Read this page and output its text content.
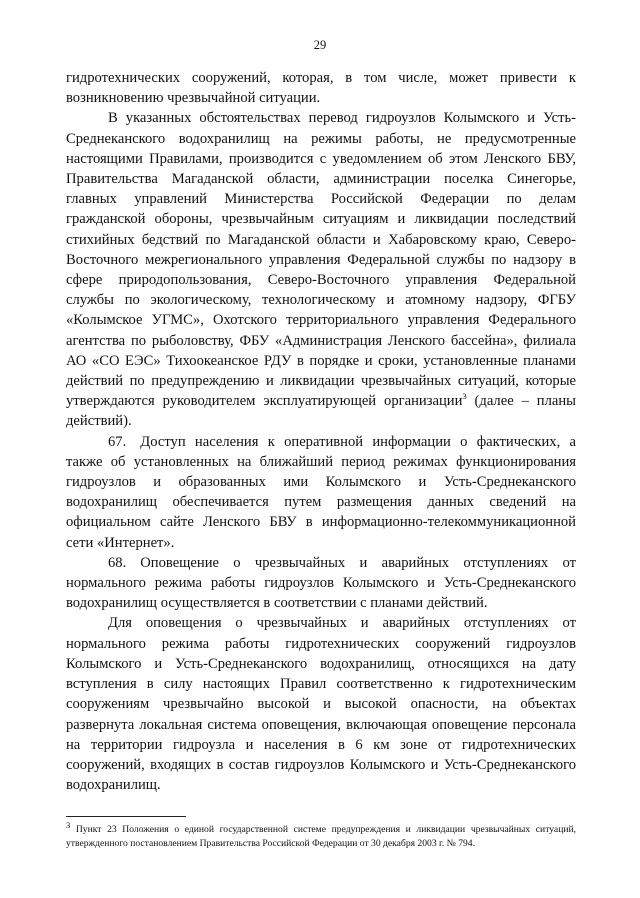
29

гидротехнических сооружений, которая, в том числе, может привести к возникновению чрезвычайной ситуации.

В указанных обстоятельствах перевод гидроузлов Колымского и Усть-Среднеканского водохранилищ на режимы работы, не предусмотренные настоящими Правилами, производится с уведомлением об этом Ленского БВУ, Правительства Магаданской области, администрации поселка Синегорье, главных управлений Министерства Российской Федерации по делам гражданской обороны, чрезвычайным ситуациям и ликвидации последствий стихийных бедствий по Магаданской области и Хабаровскому краю, Северо-Восточного межрегионального управления Федеральной службы по надзору в сфере природопользования, Северо-Восточного управления Федеральной службы по экологическому, технологическому и атомному надзору, ФГБУ «Колымское УГМС», Охотского территориального управления Федерального агентства по рыболовству, ФБУ «Администрация Ленского бассейна», филиала АО «СО ЕЭС» Тихоокеанское РДУ в порядке и сроки, установленные планами действий по предупреждению и ликвидации чрезвычайных ситуаций, которые утверждаются руководителем эксплуатирующей организации$^3$ (далее – планы действий).

67. Доступ населения к оперативной информации о фактических, а также об установленных на ближайший период режимах функционирования гидроузлов и образованных ими Колымского и Усть-Среднеканского водохранилищ обеспечивается путем размещения данных сведений на официальном сайте Ленского БВУ в информационно-телекоммуникационной сети «Интернет».

68. Оповещение о чрезвычайных и аварийных отступлениях от нормального режима работы гидроузлов Колымского и Усть-Среднеканского водохранилищ осуществляется в соответствии с планами действий.

Для оповещения о чрезвычайных и аварийных отступлениях от нормального режима работы гидротехнических сооружений гидроузлов Колымского и Усть-Среднеканского водохранилищ, относящихся на дату вступления в силу настоящих Правил соответственно к гидротехническим сооружениям чрезвычайно высокой и высокой опасности, на объектах развернута локальная система оповещения, включающая оповещение персонала на территории гидроузла и населения в 6 км зоне от гидротехнических сооружений, входящих в состав гидроузлов Колымского и Усть-Среднеканского водохранилищ.

$^3$ Пункт 23 Положения о единой государственной системе предупреждения и ликвидации чрезвычайных ситуаций, утвержденного постановлением Правительства Российской Федерации от 30 декабря 2003 г. № 794.
